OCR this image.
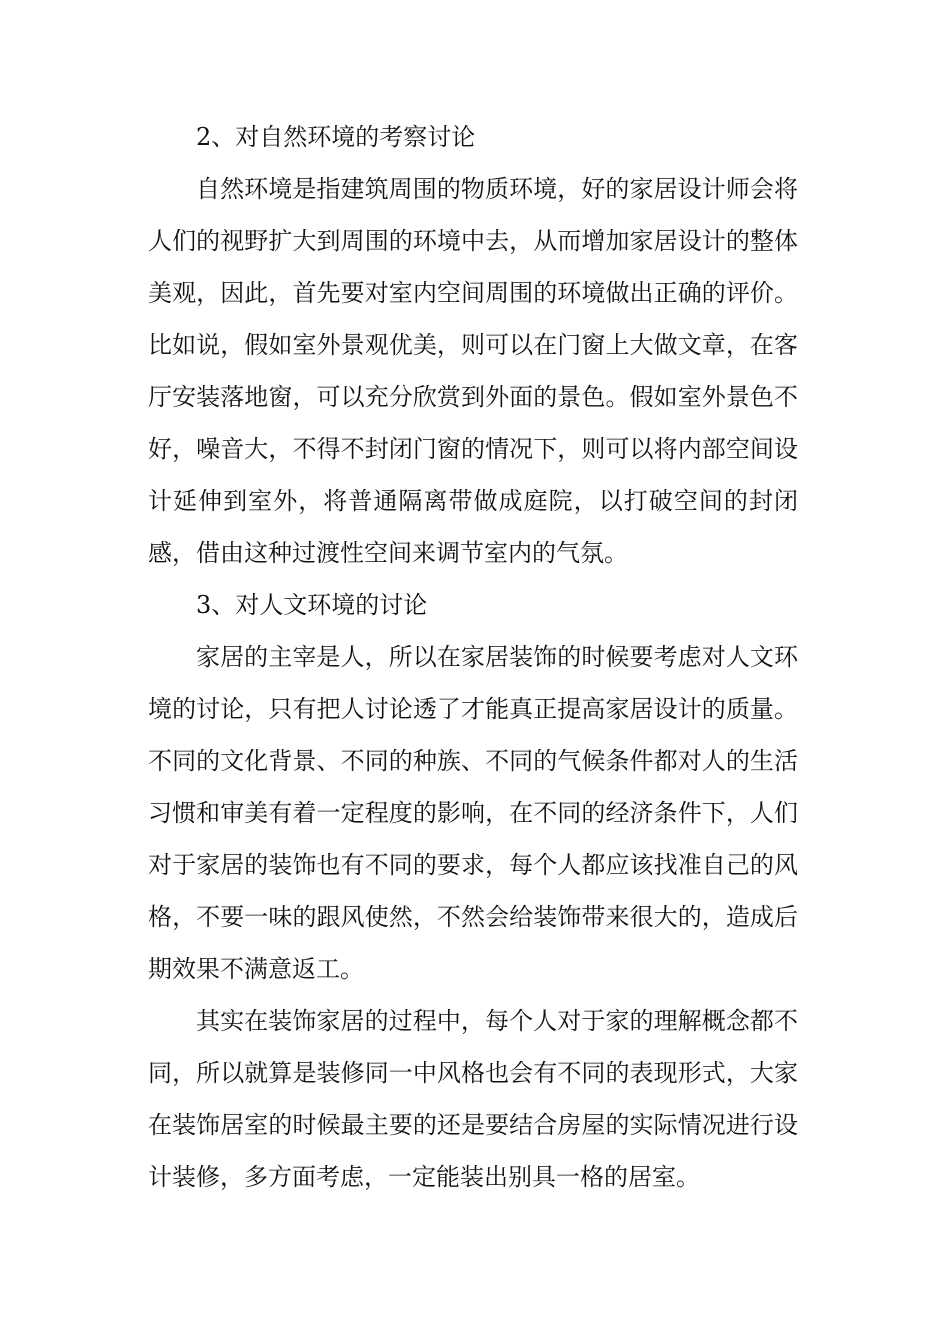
2、对自然环境的考察讨论

自然环境是指建筑周围的物质环境，好的家居设计师会将人们的视野扩大到周围的环境中去，从而增加家居设计的整体美观，因此，首先要对室内空间周围的环境做出正确的评价。比如说，假如室外景观优美，则可以在门窗上大做文章，在客厅安装落地窗，可以充分欣赏到外面的景色。假如室外景色不好，噪音大，不得不封闭门窗的情况下，则可以将内部空间设计延伸到室外，将普通隔离带做成庭院，以打破空间的封闭感，借由这种过渡性空间来调节室内的气氛。

3、对人文环境的讨论

家居的主宰是人，所以在家居装饰的时候要考虑对人文环境的讨论，只有把人讨论透了才能真正提高家居设计的质量。不同的文化背景、不同的种族、不同的气候条件都对人的生活习惯和审美有着一定程度的影响，在不同的经济条件下，人们对于家居的装饰也有不同的要求，每个人都应该找准自己的风格，不要一味的跟风使然，不然会给装饰带来很大的，造成后期效果不满意返工。

其实在装饰家居的过程中，每个人对于家的理解概念都不同，所以就算是装修同一中风格也会有不同的表现形式，大家在装饰居室的时候最主要的还是要结合房屋的实际情况进行设计装修，多方面考虑，一定能装出别具一格的居室。
